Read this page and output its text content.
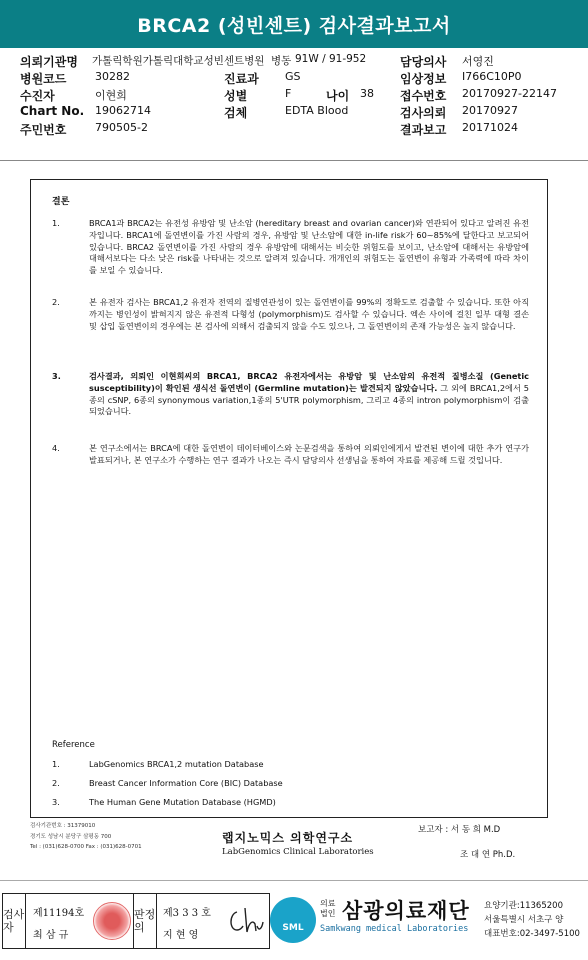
BRCA2 (성빈센트) 검사결과보고서
의뢰기관명 가톨릭학원가톨릭대학교성빈센트병원 병동 91W / 91-952	담당의사 서영진
병원코드	30282	진료과 GS	임상정보 I766C10P0
수진자	이현희	성별	F	나이 38 접수번호 20170927-22147
Chart No. 19062714	검체	EDTA Blood	검사의뢰 20170927
주민번호	790505-2	결과보고 20171024
결론
1.	BRCA1과 BRCA2는 유전성 유방암 및 난소암 (hereditary breast and ovarian cancer)와 연관되어 있다고 알려진 유전자입니다. BRCA1에 돌연변이를 가진 사람의 경우, 유방암 및 난소암에 대한 in-life risk가 60~85%에 달한다고 보고되어 있습니다. BRCA2 돌연변이를 가진 사람의 경우 유방암에 대해서는 비슷한 위험도를 보이고, 난소암에 대해서는 유방암에 대해서보다는 다소 낮은 risk를 나타내는 것으로 알려져 있습니다. 개개인의 위험도는 돌연변이 유형과 가족력에 따라 차이를 보일 수 있습니다.
2.	본 유전자 검사는 BRCA1,2 유전자 전역의 질병연관성이 있는 돌연변이를 99%의 정확도로 검출할 수 있습니다. 또한 아직까지는 병인성이 밝혀지지 않은 유전적 다형성 (polymorphism)도 검사할 수 있습니다. 엑손 사이에 걸친 일부 대형 결손 및 삽입 돌연변이의 경우에는 본 검사에 의해서 검출되지 않을 수도 있으나, 그 돌연변이의 존재 가능성은 높지 않습니다.
3.	검사결과, 의뢰인 이현희씨의 BRCA1, BRCA2 유전자에서는 유방암 및 난소암의 유전적 질병소질 (Genetic susceptibility)이 확인된 생식선 돌연변이 (Germline mutation)는 발견되지 않았습니다. 그 외에 BRCA1,2에서 5종의 cSNP, 6종의 synonymous variation,1종의 5'UTR polymorphism, 그리고 4종의 intron polymorphism이 검출되었습니다.
4.	본 연구소에서는 BRCA에 대한 돌연변이 데이터베이스와 논문검색을 통하여 의뢰인에게서 발견된 변이에 대한 추가 연구가 발표되거나, 본 연구소가 수행하는 연구 결과가 나오는 즉시 담당의사 선생님을 통하여 자료를 제공해 드릴 것입니다.
Reference
1.	LabGenomics BRCA1,2 mutation Database
2.	Breast Cancer Information Core (BIC) Database
3.	The Human Gene Mutation Database (HGMD)
검사기관번호 : 31379010
경기도 성남시 분당구 삼평동 700
Tel : (031)628-0700 Fax : (031)628-0701
랩지노믹스 의학연구소
LabGenomics Clinical Laboratories
보고자 : 서 동 희 M.D
조 대 연 Ph.D.
검사자
제11194호
최 삼 규
판정의
제3 3 3 호
지 현 영
SML
의료
법인 삼광의료재단
Samkwang medical Laboratories
요양기관:11365200
서울특별시 서초구 양
대표번호:02-3497-5100
